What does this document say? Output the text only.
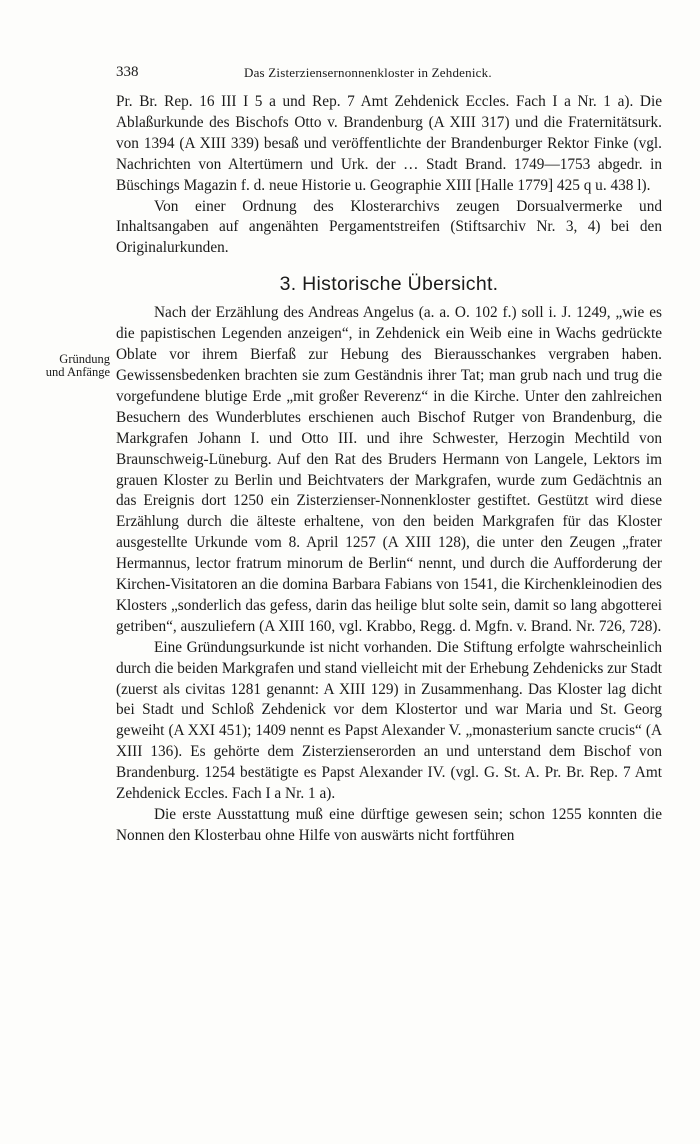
338	Das Zisterziensernonnenkloster in Zehdenick.
Gründung
und Anfänge

Pr. Br. Rep. 16 III I 5 a und Rep. 7 Amt Zehdenick Eccles. Fach I a Nr. 1 a). Die Ablaßurkunde des Bischofs Otto v. Brandenburg (A XIII 317) und die Fraternitätsurk. von 1394 (A XIII 339) besaß und veröffentlichte der Brandenburger Rektor Finke (vgl. Nachrichten von Altertümern und Urk. der … Stadt Brand. 1749—1753 abgedr. in Büschings Magazin f. d. neue Historie u. Geographie XIII [Halle 1779] 425 q u. 438 l).

Von einer Ordnung des Klosterarchivs zeugen Dorsualvermerke und Inhaltsangaben auf angenähten Pergamentstreifen (Stiftsarchiv Nr. 3, 4) bei den Originalurkunden.

3. Historische Übersicht.

Nach der Erzählung des Andreas Angelus (a. a. O. 102 f.) soll i. J. 1249, „wie es die papistischen Legenden anzeigen“, in Zehdenick ein Weib eine in Wachs gedrückte Oblate vor ihrem Bierfaß zur Hebung des Bierausschankes vergraben haben. Gewissensbedenken brachten sie zum Geständnis ihrer Tat; man grub nach und trug die vorgefundene blutige Erde „mit großer Reverenz“ in die Kirche. Unter den zahlreichen Besuchern des Wunderblutes erschienen auch Bischof Rutger von Brandenburg, die Markgrafen Johann I. und Otto III. und ihre Schwester, Herzogin Mechtild von Braunschweig-Lüneburg. Auf den Rat des Bruders Hermann von Langele, Lektors im grauen Kloster zu Berlin und Beichtvaters der Markgrafen, wurde zum Gedächtnis an das Ereignis dort 1250 ein Zisterzienser-Nonnenkloster gestiftet. Gestützt wird diese Erzählung durch die älteste erhaltene, von den beiden Markgrafen für das Kloster ausgestellte Urkunde vom 8. April 1257 (A XIII 128), die unter den Zeugen „frater Hermannus, lector fratrum minorum de Berlin“ nennt, und durch die Aufforderung der Kirchen-Visitatoren an die domina Barbara Fabians von 1541, die Kirchenkleinodien des Klosters „sonderlich das gefess, darin das heilige blut solte sein, damit so lang abgotterei getriben“, auszuliefern (A XIII 160, vgl. Krabbo, Regg. d. Mgfn. v. Brand. Nr. 726, 728).

Eine Gründungsurkunde ist nicht vorhanden. Die Stiftung erfolgte wahrscheinlich durch die beiden Markgrafen und stand vielleicht mit der Erhebung Zehdenicks zur Stadt (zuerst als civitas 1281 genannt: A XIII 129) in Zusammenhang. Das Kloster lag dicht bei Stadt und Schloß Zehdenick vor dem Klostertor und war Maria und St. Georg geweiht (A XXI 451); 1409 nennt es Papst Alexander V. „monasterium sancte crucis“ (A XIII 136). Es gehörte dem Zisterzienserorden an und unterstand dem Bischof von Brandenburg. 1254 bestätigte es Papst Alexander IV. (vgl. G. St. A. Pr. Br. Rep. 7 Amt Zehdenick Eccles. Fach I a Nr. 1 a).

Die erste Ausstattung muß eine dürftige gewesen sein; schon 1255 konnten die Nonnen den Klosterbau ohne Hilfe von auswärts nicht fortführen
